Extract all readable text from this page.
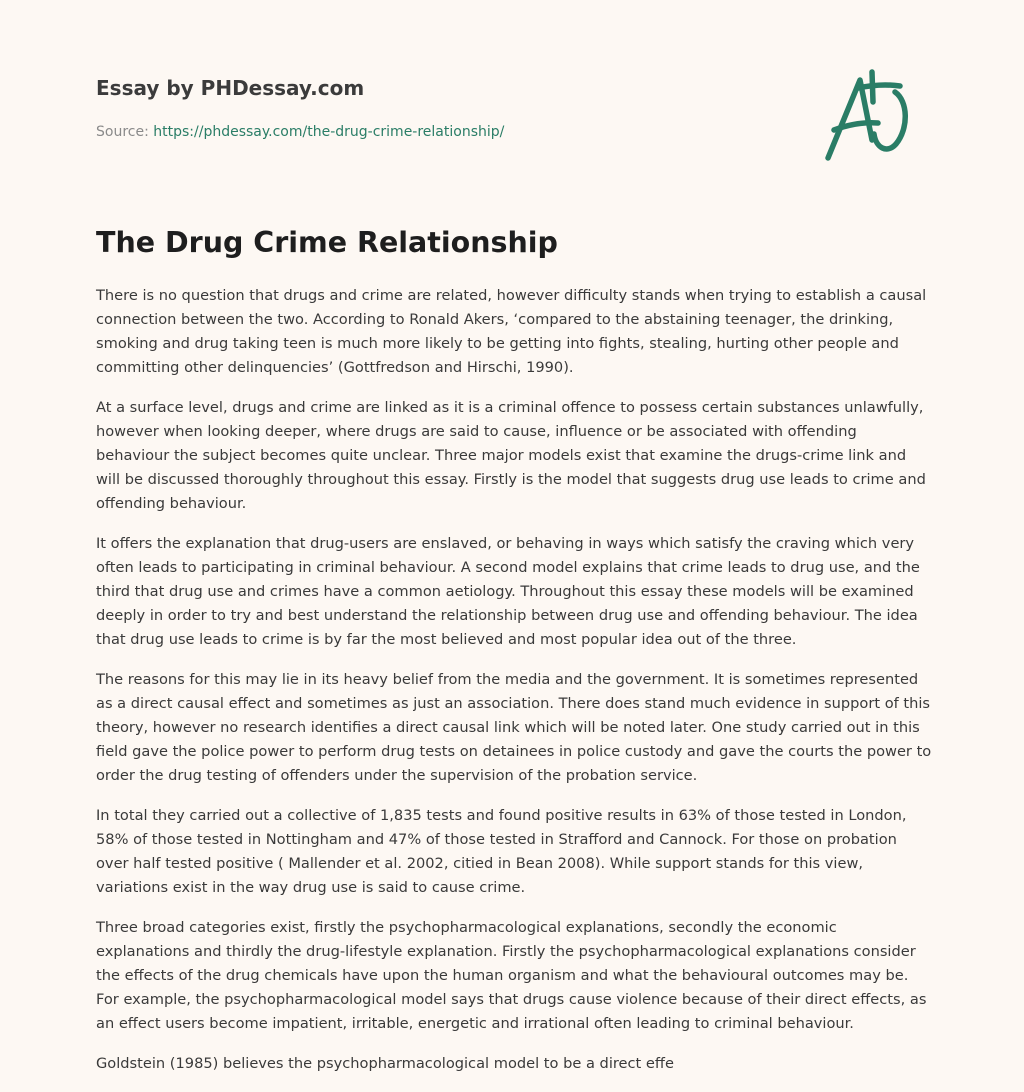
Essay by PHDessay.com
Source: https://phdessay.com/the-drug-crime-relationship/
The Drug Crime Relationship

There is no question that drugs and crime are related, however difficulty stands when trying to establish a causal connection between the two. According to Ronald Akers, ‘compared to the abstaining teenager, the drinking, smoking and drug taking teen is much more likely to be getting into fights, stealing, hurting other people and committing other delinquencies’ (Gottfredson and Hirschi, 1990).

At a surface level, drugs and crime are linked as it is a criminal offence to possess certain substances unlawfully, however when looking deeper, where drugs are said to cause, influence or be associated with offending behaviour the subject becomes quite unclear. Three major models exist that examine the drugs-crime link and will be discussed thoroughly throughout this essay. Firstly is the model that suggests drug use leads to crime and offending behaviour.

It offers the explanation that drug-users are enslaved, or behaving in ways which satisfy the craving which very often leads to participating in criminal behaviour. A second model explains that crime leads to drug use, and the third that drug use and crimes have a common aetiology. Throughout this essay these models will be examined deeply in order to try and best understand the relationship between drug use and offending behaviour. The idea that drug use leads to crime is by far the most believed and most popular idea out of the three.

The reasons for this may lie in its heavy belief from the media and the government. It is sometimes represented as a direct causal effect and sometimes as just an association. There does stand much evidence in support of this theory, however no research identifies a direct causal link which will be noted later. One study carried out in this field gave the police power to perform drug tests on detainees in police custody and gave the courts the power to order the drug testing of offenders under the supervision of the probation service.

In total they carried out a collective of 1,835 tests and found positive results in 63% of those tested in London, 58% of those tested in Nottingham and 47% of those tested in Strafford and Cannock. For those on probation over half tested positive ( Mallender et al. 2002, citied in Bean 2008). While support stands for this view, variations exist in the way drug use is said to cause crime.

Three broad categories exist, firstly the psychopharmacological explanations, secondly the economic explanations and thirdly the drug-lifestyle explanation. Firstly the psychopharmacological explanations consider the effects of the drug chemicals have upon the human organism and what the behavioural outcomes may be. For example, the psychopharmacological model says that drugs cause violence because of their direct effects, as an effect users become impatient, irritable, energetic and irrational often leading to criminal behaviour.

Goldstein (1985) believes the psychopharmacological model to be a direct effe
